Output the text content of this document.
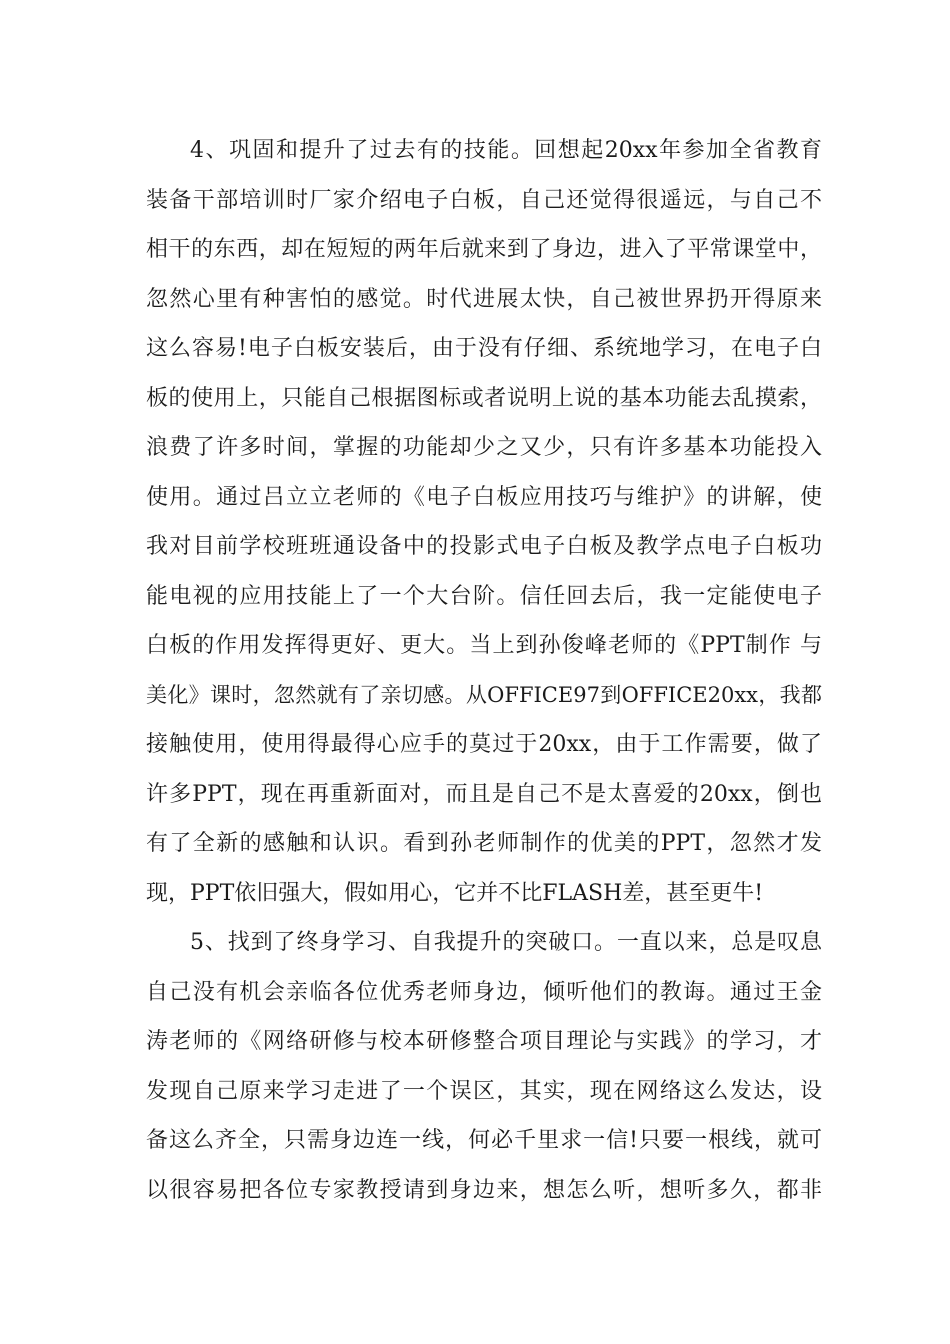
4、巩固和提升了过去有的技能。回想起20xx年参加全省教育
装备干部培训时厂家介绍电子白板，自己还觉得很遥远，与自己不
相干的东西，却在短短的两年后就来到了身边，进入了平常课堂中，
忽然心里有种害怕的感觉。时代进展太快，自己被世界扔开得原来
这么容易!电子白板安装后，由于没有仔细、系统地学习，在电子白
板的使用上，只能自己根据图标或者说明上说的基本功能去乱摸索，
浪费了许多时间，掌握的功能却少之又少，只有许多基本功能投入
使用。通过吕立立老师的《电子白板应用技巧与维护》的讲解，使
我对目前学校班班通设备中的投影式电子白板及教学点电子白板功
能电视的应用技能上了一个大台阶。信任回去后，我一定能使电子
白板的作用发挥得更好、更大。当上到孙俊峰老师的《PPT制作 与
美化》课时，忽然就有了亲切感。从OFFICE97到OFFICE20xx，我都
接触使用，使用得最得心应手的莫过于20xx，由于工作需要，做了
许多PPT，现在再重新面对，而且是自己不是太喜爱的20xx，倒也
有了全新的感触和认识。看到孙老师制作的优美的PPT，忽然才发
现，PPT依旧强大，假如用心，它并不比FLASH差，甚至更牛!
5、找到了终身学习、自我提升的突破口。一直以来，总是叹息
自己没有机会亲临各位优秀老师身边，倾听他们的教诲。通过王金
涛老师的《网络研修与校本研修整合项目理论与实践》的学习，才
发现自己原来学习走进了一个误区，其实，现在网络这么发达，设
备这么齐全，只需身边连一线，何必千里求一信!只要一根线，就可
以很容易把各位专家教授请到身边来，想怎么听，想听多久，都非
